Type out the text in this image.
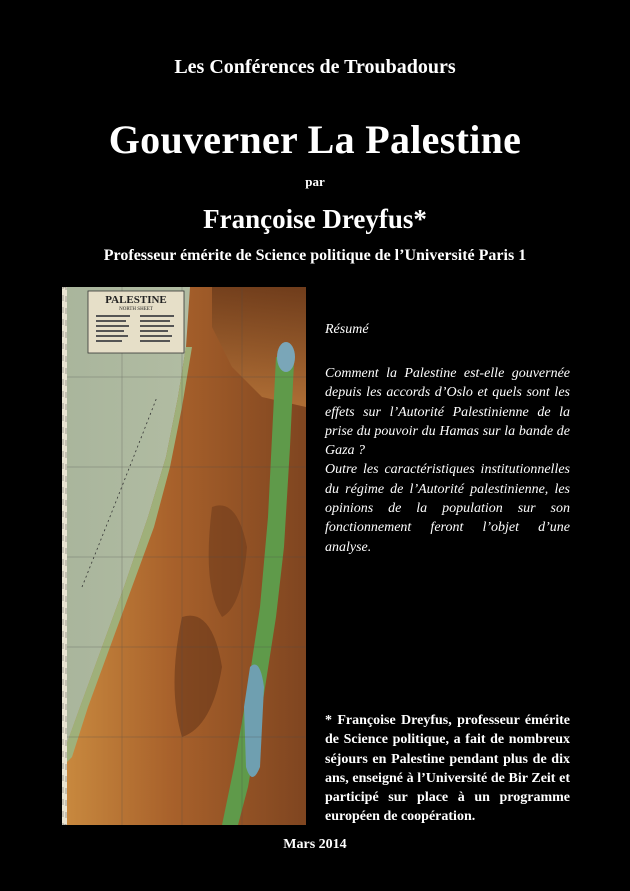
Les Conférences de Troubadours
Gouverner La Palestine
par
Françoise Dreyfus*
Professeur émérite de Science politique de l’Université Paris 1
PALESTINE
NORTH SHEET
Résumé

Comment la Palestine est-elle gouvernée depuis les accords d’Oslo et quels sont les effets sur l’Autorité Palestinienne de la prise du pouvoir du Hamas sur la bande de Gaza ?

Outre les caractéristiques institutionnelles du régime de l’Autorité palestinienne, les opinions de la population sur son fonctionnement feront l’objet d’une analyse.

* Françoise Dreyfus, professeur émérite de Science politique, a fait de nombreux séjours en Palestine pendant plus de dix ans, enseigné à l’Université de Bir Zeit et participé sur place à un programme européen de coopération.
Mars 2014
